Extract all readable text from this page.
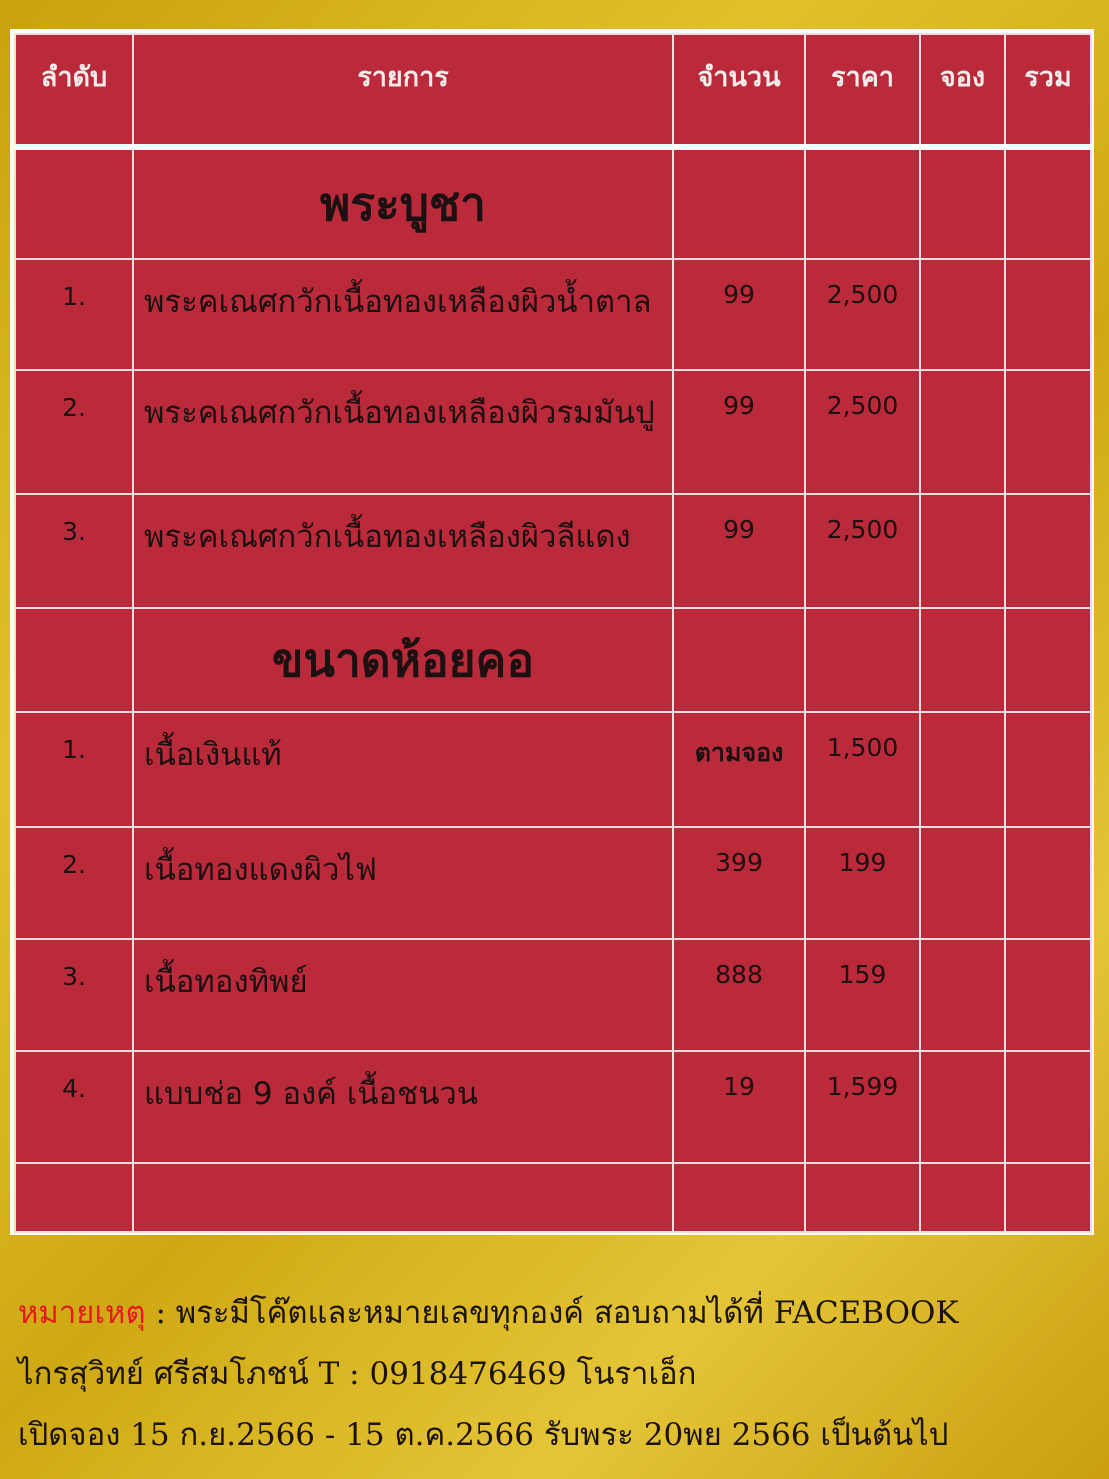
ลำดับ	รายการ	จำนวน	ราคา	จอง	รวม
	พระบูชา				
1.	พระคเณศกวักเนื้อทองเหลืองผิวน้ำตาล	99	2,500		
2.	พระคเณศกวักเนื้อทองเหลืองผิวรมมันปู	99	2,500		
3.	พระคเณศกวักเนื้อทองเหลืองผิวลีแดง	99	2,500		
	ขนาดห้อยคอ				
1.	เนื้อเงินแท้	ตามจอง	1,500		
2.	เนื้อทองแดงผิวไฟ	399	199		
3.	เนื้อทองทิพย์	888	159		
4.	แบบช่อ 9 องค์ เนื้อชนวน	19	1,599		

หมายเหตุ : พระมีโค๊ตและหมายเลขทุกองค์ สอบถามได้ที่ FACEBOOK
ไกรสุวิทย์ ศรีสมโภชน์ T : 0918476469 โนราเอ็ก
เปิดจอง 15 ก.ย.2566 - 15 ต.ค.2566 รับพระ 20พย 2566 เป็นต้นไป
